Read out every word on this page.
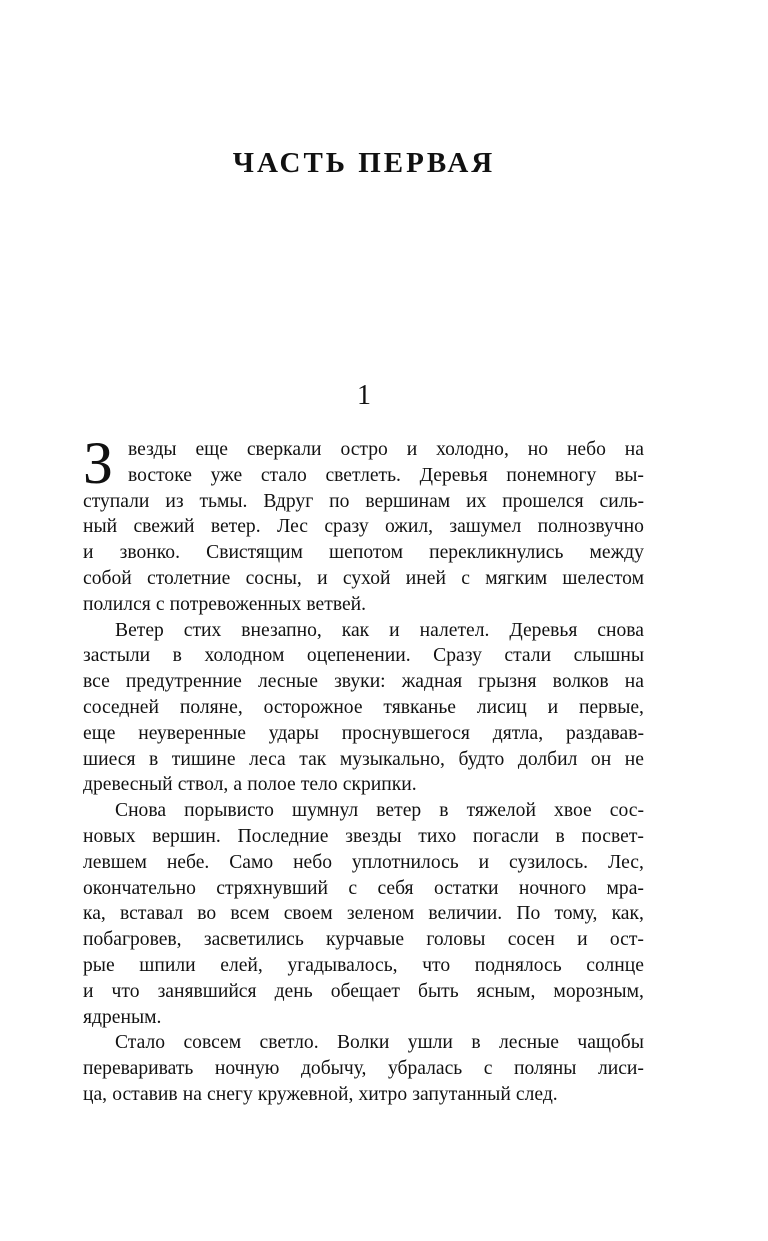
ЧАСТЬ ПЕРВАЯ
1
З везды еще сверкали остро и холодно, но небо на
востоке уже стало светлеть. Деревья понемногу вы-
ступали из тьмы. Вдруг по вершинам их прошелся силь-
ный свежий ветер. Лес сразу ожил, зашумел полнозвучно
и звонко. Свистящим шепотом перекликнулись между
собой столетние сосны, и сухой иней с мягким шелестом
полился с потревоженных ветвей.
Ветер стих внезапно, как и налетел. Деревья снова
застыли в холодном оцепенении. Сразу стали слышны
все предутренние лесные звуки: жадная грызня волков на
соседней поляне, осторожное тявканье лисиц и первые,
еще неуверенные удары проснувшегося дятла, раздавав-
шиеся в тишине леса так музыкально, будто долбил он не
древесный ствол, а полое тело скрипки.
Снова порывисто шумнул ветер в тяжелой хвое сос-
новых вершин. Последние звезды тихо погасли в посвет-
левшем небе. Само небо уплотнилось и сузилось. Лес,
окончательно стряхнувший с себя остатки ночного мра-
ка, вставал во всем своем зеленом величии. По тому, как,
побагровев, засветились курчавые головы сосен и ост-
рые шпили елей, угадывалось, что поднялось солнце
и что занявшийся день обещает быть ясным, морозным,
ядреным.
Стало совсем светло. Волки ушли в лесные чащобы
переваривать ночную добычу, убралась с поляны лиси-
ца, оставив на снегу кружевной, хитро запутанный след.
